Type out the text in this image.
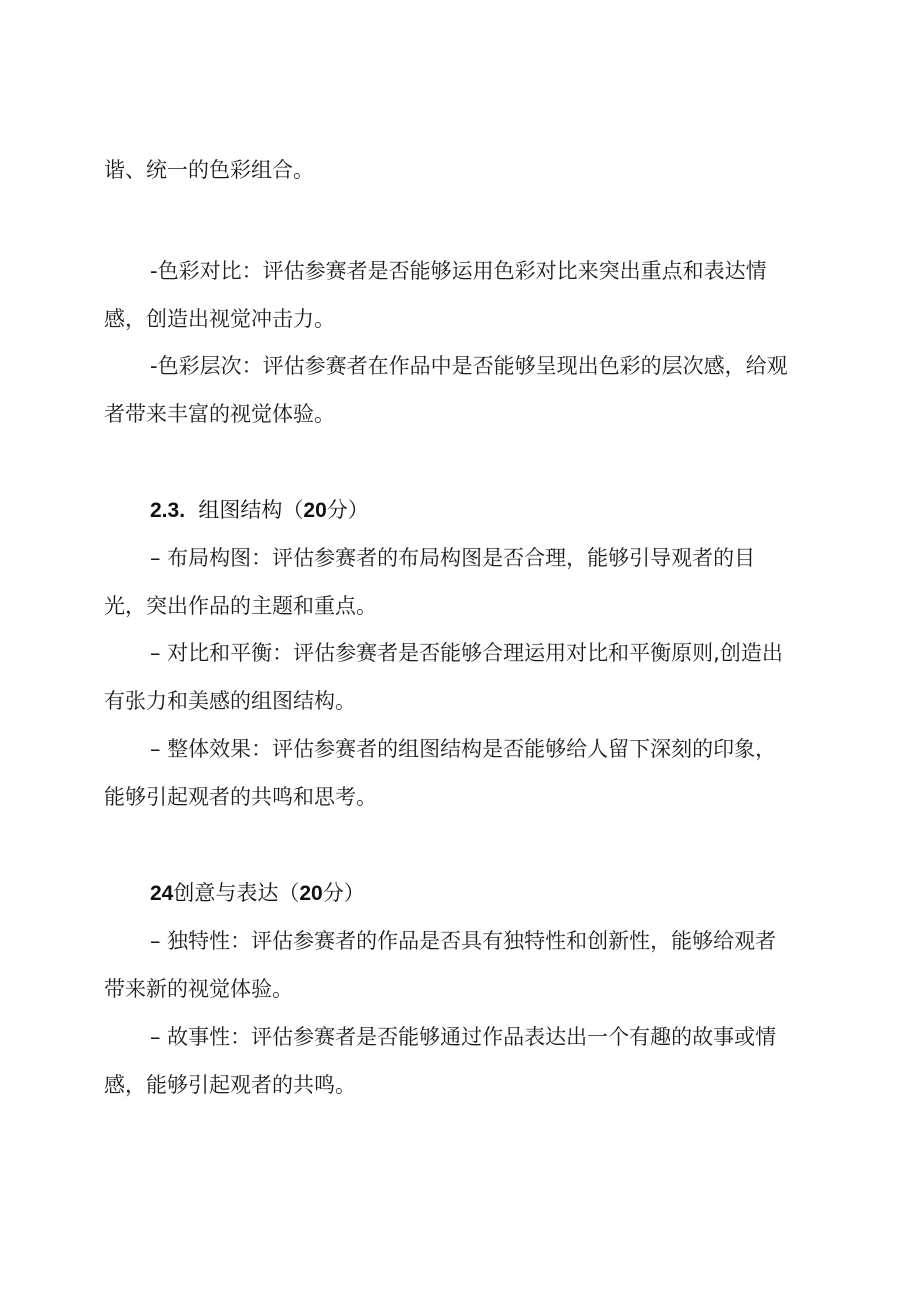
谐、统一的色彩组合。

-色彩对比：评估参赛者是否能够运用色彩对比来突出重点和表达情

感，创造出视觉冲击力。

-色彩层次：评估参赛者在作品中是否能够呈现出色彩的层次感，给观

者带来丰富的视觉体验。

2.3. 组图结构（20分）

– 布局构图：评估参赛者的布局构图是否合理，能够引导观者的目

光，突出作品的主题和重点。

– 对比和平衡：评估参赛者是否能够合理运用对比和平衡原则,创造出

有张力和美感的组图结构。

– 整体效果：评估参赛者的组图结构是否能够给人留下深刻的印象，

能够引起观者的共鸣和思考。

24创意与表达（20分）

– 独特性：评估参赛者的作品是否具有独特性和创新性，能够给观者

带来新的视觉体验。

– 故事性：评估参赛者是否能够通过作品表达出一个有趣的故事或情

感，能够引起观者的共鸣。
